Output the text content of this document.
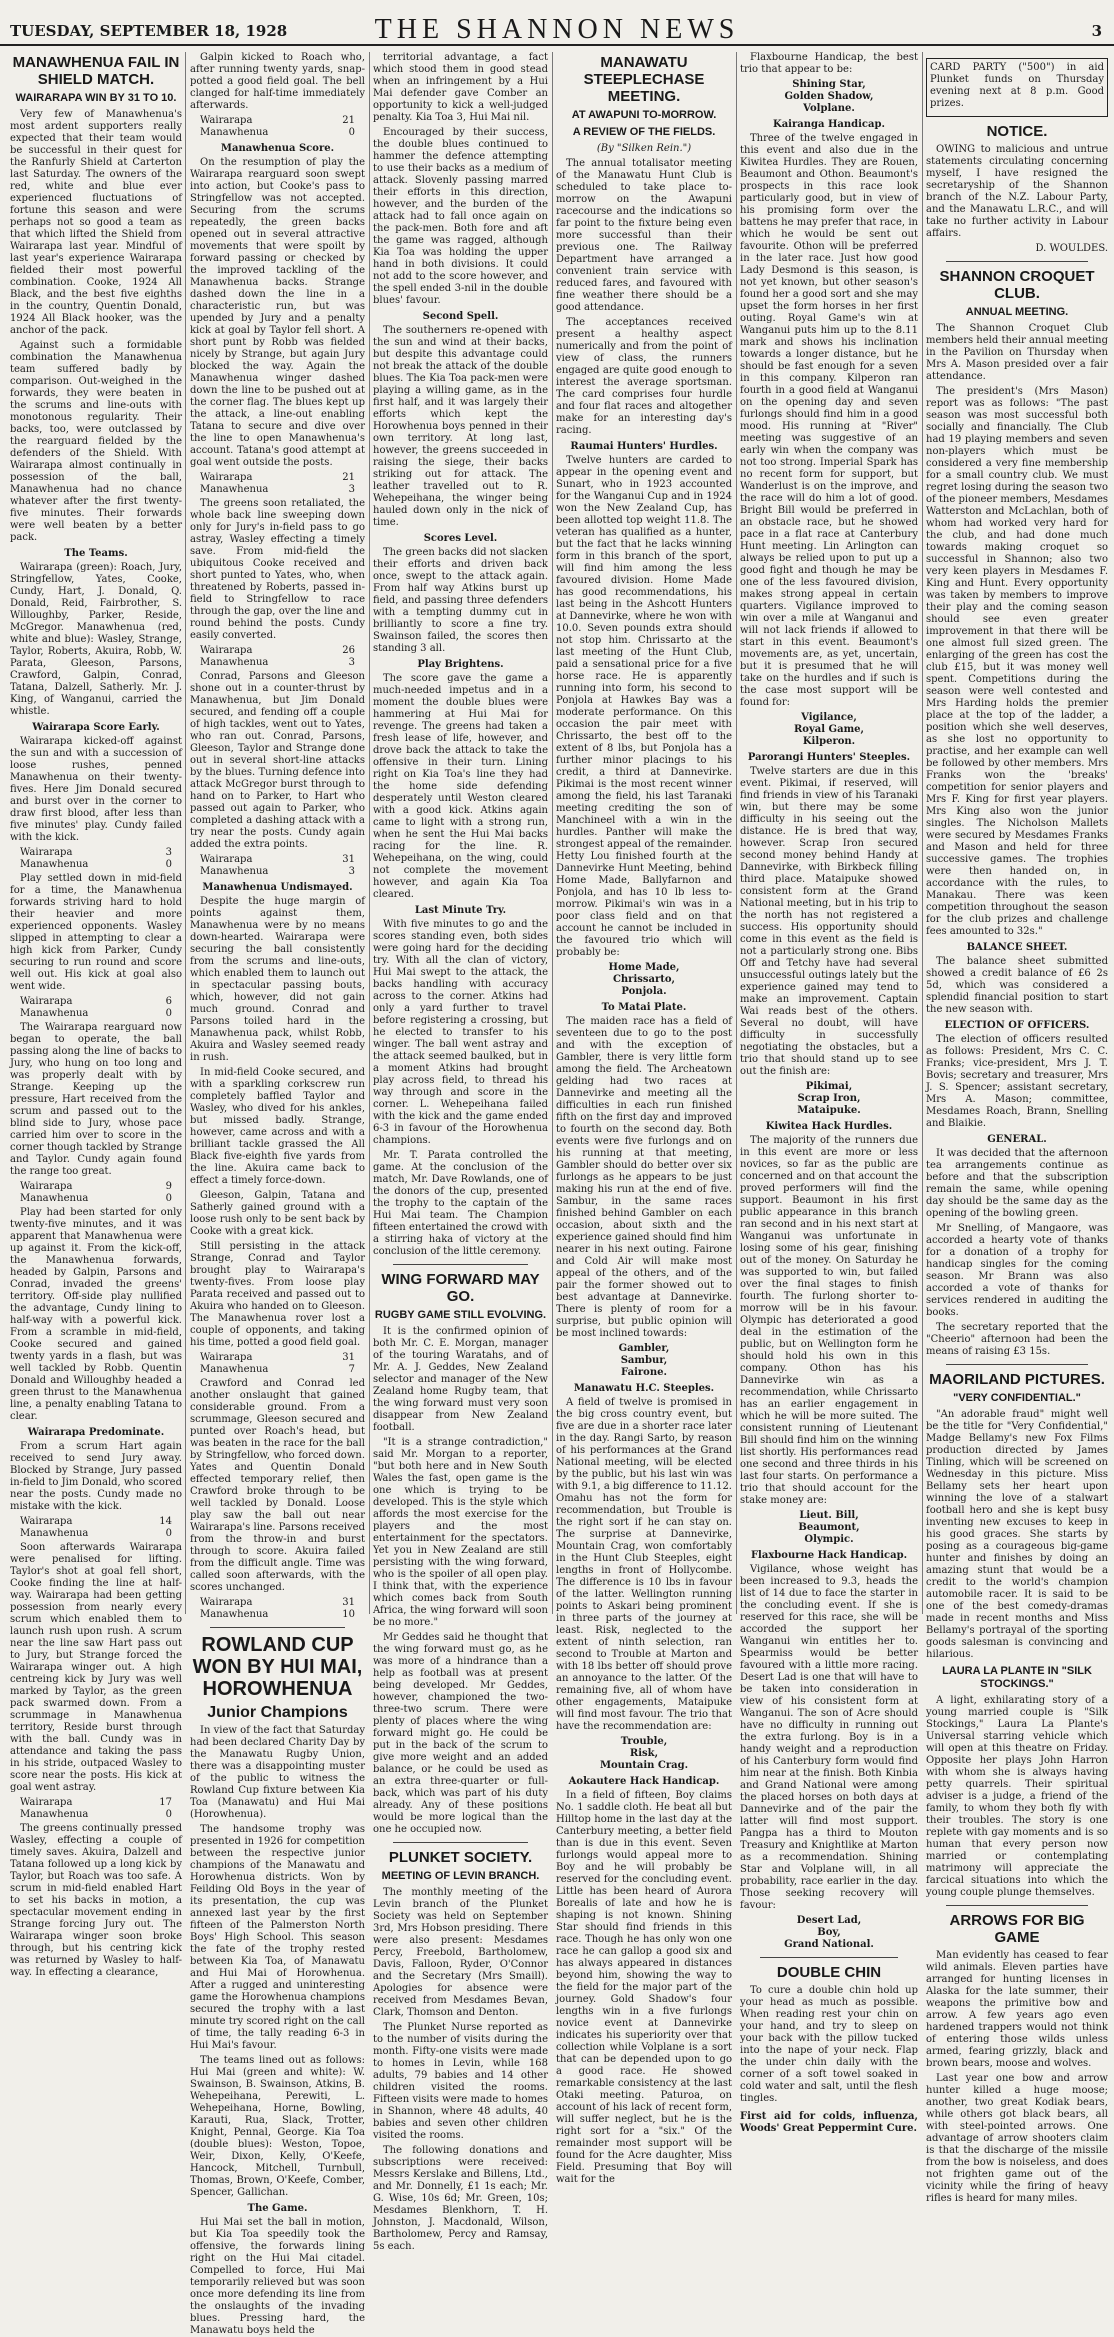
TUESDAY, SEPTEMBER 18, 1928	THE SHANNON NEWS	3
MANAWHENUA FAIL IN SHIELD MATCH.
WAIRARAPA WIN BY 31 TO 10.

Very few of Manawhenua's most ardent supporters really expected that their team would be successful in their quest for the Ranfurly Shield at Carterton last Saturday. The owners of the red, white and blue ever experienced fluctuations of fortune this season and were perhaps not so good a team as that which lifted the Shield from Wairarapa last year. Mindful of last year's experience Wairarapa fielded their most powerful combination. Cooke, 1924 All Black, and the best five eighths in the country, Quentin Donald, 1924 All Black hooker, was the anchor of the pack.

Against such a formidable combination the Manawhenua team suffered badly by comparison. Out-weighed in the forwards, they were beaten in the scrums and line-outs with monotonous regularity. Their backs, too, were outclassed by the rearguard fielded by the defenders of the Shield. With Wairarapa almost continually in possession of the ball, Manawhenua had no chance whatever after the first twenty-five minutes. Their forwards were well beaten by a better pack.

The Teams.

Wairarapa (green): Roach, Jury, Stringfellow, Yates, Cooke, Cundy, Hart, J. Donald, Q. Donald, Reid, Fairbrother, S. Willoughby, Parker, Reside, McGregor. Manawhenua (red, white and blue): Wasley, Strange, Taylor, Roberts, Akuira, Robb, W. Parata, Gleeson, Parsons, Crawford, Galpin, Conrad, Tatana, Dalzell, Satherly. Mr. J. King, of Wanganui, carried the whistle.

Wairarapa Score Early.

Wairarapa kicked-off against the sun and with a succession of loose rushes, penned Manawhenua on their twenty-fives. Here Jim Donald secured and burst over in the corner to draw first blood, after less than five minutes' play. Cundy failed with the kick.

Wairarapa	3
Manawhenua	0

Play settled down in mid-field for a time, the Manawhenua forwards striving hard to hold their heavier and more experienced opponents. Wasley slipped in attempting to clear a high kick from Parker, Cundy securing to run round and score well out. His kick at goal also went wide.

Wairarapa	6
Manawhenua	0

The Wairarapa rearguard now began to operate, the ball passing along the line of backs to Jury, who hung on too long and was properly dealt with by Strange. Keeping up the pressure, Hart received from the scrum and passed out to the blind side to Jury, whose pace carried him over to score in the corner though tackled by Strange and Taylor. Cundy again found the range too great.

Wairarapa	9
Manawhenua	0

Play had been started for only twenty-five minutes, and it was apparent that Manawhenua were up against it. From the kick-off, the Manawhenua forwards, headed by Galpin, Parsons and Conrad, invaded the greens' territory. Off-side play nullified the advantage, Cundy lining to half-way with a powerful kick. From a scramble in mid-field, Cooke secured and gained twenty yards in a flash, but was well tackled by Robb. Quentin Donald and Willoughby headed a green thrust to the Manawhenua line, a penalty enabling Tatana to clear.

Wairarapa Predominate.

From a scrum Hart again received to send Jury away. Blocked by Strange, Jury passed in-field to Jim Donald, who scored near the posts. Cundy made no mistake with the kick.

Wairarapa	14
Manawhenua	0

Soon afterwards Wairarapa were penalised for lifting. Taylor's shot at goal fell short, Cooke finding the line at half-way. Wairarapa had been getting possession from nearly every scrum which enabled them to launch rush upon rush. A scrum near the line saw Hart pass out to Jury, but Strange forced the Wairarapa winger out. A high centreing kick by Jury was well marked by Taylor, as the green pack swarmed down. From a scrummage in Manawhenua territory, Reside burst through with the ball. Cundy was in attendance and taking the pass in his stride, outpaced Wasley to score near the posts. His kick at goal went astray.

Wairarapa	17
Manawhenua	0

The greens continually pressed Wasley, effecting a couple of timely saves. Akuira, Dalzell and Tatana followed up a long kick by Taylor, but Roach was too safe. A scrum in mid-field enabled Hart to set his backs in motion, a spectacular movement ending in Strange forcing Jury out. The Wairarapa winger soon broke through, but his centring kick was returned by Wasley to half-way. In effecting a clearance,

Galpin kicked to Roach who, after running twenty yards, snap-potted a good field goal. The bell clanged for half-time immediately afterwards.

Wairarapa	21
Manawhenua	0
Manawhenua Score.

On the resumption of play the Wairarapa rearguard soon swept into action, but Cooke's pass to Stringfellow was not accepted. Securing from the scrums repeatedly, the green backs opened out in several attractive movements that were spoilt by forward passing or checked by the improved tackling of the Manawhenua backs. Strange dashed down the line in a characteristic run, but was upended by Jury and a penalty kick at goal by Taylor fell short. A short punt by Robb was fielded nicely by Strange, but again Jury blocked the way. Again the Manawhenua winger dashed down the line to be pushed out at the corner flag. The blues kept up the attack, a line-out enabling Tatana to secure and dive over the line to open Manawhenua's account. Tatana's good attempt at goal went outside the posts.

Wairarapa	21
Manawhenua	3

The greens soon retaliated, the whole back line sweeping down only for Jury's in-field pass to go astray, Wasley effecting a timely save. From mid-field the ubiquitous Cooke received and short punted to Yates, who, when threatened by Roberts, passed in-field to Stringfellow to race through the gap, over the line and round behind the posts. Cundy easily converted.

Wairarapa	26
Manawhenua	3

Conrad, Parsons and Gleeson shone out in a counter-thrust by Manawhenua, but Jim Donald secured, and fending off a couple of high tackles, went out to Yates, who ran out. Conrad, Parsons, Gleeson, Taylor and Strange done out in several short-line attacks by the blues. Turning defence into attack McGregor burst through to hand on to Parker, to Hart who passed out again to Parker, who completed a dashing attack with a try near the posts. Cundy again added the extra points.

Wairarapa	31
Manawhenua	3
Manawhenua Undismayed.

Despite the huge margin of points against them, Manawhenua were by no means down-hearted. Wairarapa were securing the ball consistently from the scrums and line-outs, which enabled them to launch out in spectacular passing bouts, which, however, did not gain much ground. Conrad and Parsons toiled hard in the Manawhenua pack, whilst Robb, Akuira and Wasley seemed ready in rush.

In mid-field Cooke secured, and with a sparkling corkscrew run completely baffled Taylor and Wasley, who dived for his ankles, but missed badly. Strange, however, came across and with a brilliant tackle grassed the All Black five-eighth five yards from the line. Akuira came back to effect a timely force-down.

Gleeson, Galpin, Tatana and Satherly gained ground with a loose rush only to be sent back by Cooke with a great kick.

Still persisting in the attack Strange, Conrad and Taylor brought play to Wairarapa's twenty-fives. From loose play Parata received and passed out to Akuira who handed on to Gleeson. The Manawhenua rover lost a couple of opponents, and taking his time, potted a good field goal.

Wairarapa	31
Manawhenua	7

Crawford and Conrad led another onslaught that gained considerable ground. From a scrummage, Gleeson secured and punted over Roach's head, but was beaten in the race for the ball by Stringfellow, who forced down. Yates and Quentin Donald effected temporary relief, then Crawford broke through to be well tackled by Donald. Loose play saw the ball out near Wairarapa's line. Parsons received from the throw-in and burst through to score. Akuira failed from the difficult angle. Time was called soon afterwards, with the scores unchanged.

Wairarapa	31
Manawhenua	10
ROWLAND CUP WON BY HUI MAI, HOROWHENUA
Junior Champions

In view of the fact that Saturday had been declared Charity Day by the Manawatu Rugby Union, there was a disappointing muster of the public to witness the Rowland Cup fixture between Kia Toa (Manawatu) and Hui Mai (Horowhenua).

The handsome trophy was presented in 1926 for competition between the respective junior champions of the Manawatu and Horowhenua districts. Won by Feilding Old Boys in the year of its presentation, the cup was annexed last year by the first fifteen of the Palmerston North Boys' High School. This season the fate of the trophy rested between Kia Toa, of Manawatu and Hui Mai of Horowhenua. After a rugged and uninteresting game the Horowhenua champions secured the trophy with a last minute try scored right on the call of time, the tally reading 6-3 in Hui Mai's favour.

The teams lined out as follows: Hui Mai (green and white): W. Swainson, B. Swainson, Atkins, B. Wehepeihana, Perewiti, L. Wehepeihana, Horne, Bowling, Karauti, Rua, Slack, Trotter, Knight, Pennal, George. Kia Toa (double blues): Weston, Topoe, Weir, Dixon, Kelly, O'Keefe, Hancock, Mitchell, Turnbull, Thomas, Brown, O'Keefe, Comber, Spencer, Gallichan.

The Game.

Hui Mai set the ball in motion, but Kia Toa speedily took the offensive, the forwards lining right on the Hui Mai citadel. Compelled to force, Hui Mai temporarily relieved but was soon once more defending its line from the onslaughts of the invading blues. Pressing hard, the Manawatu boys held the

territorial advantage, a fact which stood them in good stead when an infringement by a Hui Mai defender gave Comber an opportunity to kick a well-judged penalty. Kia Toa 3, Hui Mai nil.

Encouraged by their success, the double blues continued to hammer the defence attempting to use their backs as a medium of attack. Slovenly passing marred their efforts in this direction, however, and the burden of the attack had to fall once again on the pack-men. Both fore and aft the game was ragged, although Kia Toa was holding the upper hand in both divisions. It could not add to the score however, and the spell ended 3-nil in the double blues' favour.

Second Spell.

The southerners re-opened with the sun and wind at their backs, but despite this advantage could not break the attack of the double blues. The Kia Toa pack-men were playing a willing game, as in the first half, and it was largely their efforts which kept the Horowhenua boys penned in their own territory. At long last, however, the greens succeeded in raising the siege, their backs striking out for attack. The leather travelled out to R. Wehepeihana, the winger being hauled down only in the nick of time.

Scores Level.

The green backs did not slacken their efforts and driven back once, swept to the attack again. From half way Atkins burst up field, and passing three defenders with a tempting dummy cut in brilliantly to score a fine try. Swainson failed, the scores then standing 3 all.

Play Brightens.

The score gave the game a much-needed impetus and in a moment the double blues were hammering at Hui Mai for revenge. The greens had taken a fresh lease of life, however, and drove back the attack to take the offensive in their turn. Lining right on Kia Toa's line they had the home side defending desperately until Weston cleared with a good kick. Atkins again came to light with a strong run, when he sent the Hui Mai backs racing for the line. R. Wehepeihana, on the wing, could not complete the movement however, and again Kia Toa cleared.

Last Minute Try.

With five minutes to go and the scores standing even, both sides were going hard for the deciding try. With all the clan of victory, Hui Mai swept to the attack, the backs handling with accuracy across to the corner. Atkins had only a yard further to travel before registering a crossing, but he elected to transfer to his winger. The ball went astray and the attack seemed baulked, but in a moment Atkins had brought play across field, to thread his way through and score in the corner. L. Wehepeihana failed with the kick and the game ended 6-3 in favour of the Horowhenua champions.

Mr. T. Parata controlled the game. At the conclusion of the match, Mr. Dave Rowlands, one of the donors of the cup, presented the trophy to the captain of the Hui Mai team. The Champion fifteen entertained the crowd with a stirring haka of victory at the conclusion of the little ceremony.

WING FORWARD MAY GO.
RUGBY GAME STILL EVOLVING.

It is the confirmed opinion of both Mr. C. E. Morgan, manager of the touring Waratahs, and of Mr. A. J. Geddes, New Zealand selector and manager of the New Zealand home Rugby team, that the wing forward must very soon disappear from New Zealand football.

"It is a strange contradiction," said Mr. Morgan to a reporter, "but both here and in New South Wales the fast, open game is the one which is trying to be developed. This is the style which affords the most exercise for the players and the most entertainment for the spectators. Yet you in New Zealand are still persisting with the wing forward, who is the spoiler of all open play. I think that, with the experience which comes back from South Africa, the wing forward will soon be no more."

Mr Geddes said he thought that the wing forward must go, as he was more of a hindrance than a help as football was at present being developed. Mr Geddes, however, championed the two-three-two scrum. There were plenty of places where the wing forward might go. He could be put in the back of the scrum to give more weight and an added balance, or he could be used as an extra three-quarter or full-back, which was part of his duty already. Any of these positions would be more logical than the one he occupied now.

PLUNKET SOCIETY.
MEETING OF LEVIN BRANCH.

The monthly meeting of the Levin branch of the Plunket Society was held on September 3rd, Mrs Hobson presiding. There were also present: Mesdames Percy, Freebold, Bartholomew, Davis, Falloon, Ryder, O'Connor and the Secretary (Mrs Smaill). Apologies for absence were received from Mesdames Bevan, Clark, Thomson and Denton.

The Plunket Nurse reported as to the number of visits during the month. Fifty-one visits were made to homes in Levin, while 168 adults, 79 babies and 14 other children visited the rooms. Fifteen visits were made to homes in Shannon, where 48 adults, 40 babies and seven other children visited the rooms.

The following donations and subscriptions were received: Messrs Kerslake and Billens, Ltd., and Mr. Donnelly, £1 1s each; Mr. G. Wise, 10s 6d; Mr. Green, 10s; Mesdames Blenkhorn, T. H. Johnston, J. Macdonald, Wilson, Bartholomew, Percy and Ramsay, 5s each.

MANAWATU STEEPLECHASE MEETING.
AT AWAPUNI TO-MORROW.
A REVIEW OF THE FIELDS.
(By "Silken Rein.")

The annual totalisator meeting of the Manawatu Hunt Club is scheduled to take place to-morrow on the Awapuni racecourse and the indications so far point to the fixture being even more successful than their previous one. The Railway Department have arranged a convenient train service with reduced fares, and favoured with fine weather there should be a good attendance.

The acceptances received present a healthy aspect numerically and from the point of view of class, the runners engaged are quite good enough to interest the average sportsman. The card comprises four hurdle and four flat races and altogether make for an interesting day's racing.

Raumai Hunters' Hurdles.

Twelve hunters are carded to appear in the opening event and Sunart, who in 1923 accounted for the Wanganui Cup and in 1924 won the New Zealand Cup, has been allotted top weight 11.8. The veteran has qualified as a hunter, but the fact that he lacks winning form in this branch of the sport, will find him among the less favoured division. Home Made has good recommendations, his last being in the Ashcott Hunters at Dannevirke, where he won with 10.0. Seven pounds extra should not stop him. Chrissarto at the last meeting of the Hunt Club, paid a sensational price for a five horse race. He is apparently running into form, his second to Ponjola at Hawkes Bay was a moderate performance. On this occasion the pair meet with Chrissarto, the best off to the extent of 8 lbs, but Ponjola has a further minor placings to his credit, a third at Dannevirke. Pikimai is the most recent winner among the field, his last Taranaki meeting crediting the son of Manchineel with a win in the hurdles. Panther will make the strongest appeal of the remainder. Hetty Lou finished fourth at the Dannevirke Hunt Meeting, behind Home Made, Ballyfarnon and Ponjola, and has 10 lb less to-morrow. Pikimai's win was in a poor class field and on that account he cannot be included in the favoured trio which will probably be:

Home Made,
Chrissarto,
Ponjola.
To Matai Plate.

The maiden race has a field of seventeen due to go to the post and with the exception of Gambler, there is very little form among the field. The Archeatown gelding had two races at Dannevirke and meeting all the difficulties in each run finished fifth on the first day and improved to fourth on the second day. Both events were five furlongs and on his running at that meeting, Gambler should do better over six furlongs as he appears to be just making his run at the end of five. Sambur, in the same races finished behind Gambler on each occasion, about sixth and the experience gained should find him nearer in his next outing. Fairone and Cold Air will make most appeal of the others, and of the pair the former showed out to best advantage at Dannevirke. There is plenty of room for a surprise, but public opinion will be most inclined towards:

Gambler,
Sambur,
Fairone.
Manawatu H.C. Steeples.

A field of twelve is promised in the big cross country event, but five are due in a shorter race later in the day. Rangi Sarto, by reason of his performances at the Grand National meeting, will be elected by the public, but his last win was with 9.1, a big difference to 11.12. Omahu has not the form for recommendation, but Trouble is the right sort if he can stay on. The surprise at Dannevirke, Mountain Crag, won comfortably in the Hunt Club Steeples, eight lengths in front of Hollycombe. The difference is 10 lbs in favour of the latter. Wellington running points to Askari being prominent in three parts of the journey at least. Risk, neglected to the extent of ninth selection, ran second to Trouble at Marton and with 18 lbs better off should prove an annoyance to the latter. Of the remaining five, all of whom have other engagements, Mataipuke will find most favour. The trio that have the recommendation are:

Trouble,
Risk,
Mountain Crag.
Aokautere Hack Handicap.

In a field of fifteen, Boy claims No. 1 saddle cloth. He beat all but Hilltop home in the last day at the Canterbury meeting, a better field than is due in this event. Seven furlongs would appeal more to Boy and he will probably be reserved for the concluding event. Little has been heard of Aurora Borealis of late and how he is shaping is not known. Shining Star should find friends in this race. Though he has only won one race he can gallop a good six and has always appeared in distances beyond him, showing the way to the field for the major part of the journey. Gold Shadow's four lengths win in a five furlongs novice event at Dannevirke indicates his superiority over that collection while Volplane is a sort that can be depended upon to go a good race. He showed remarkable consistency at the last Otaki meeting. Paturoa, on account of his lack of recent form, will suffer neglect, but he is the right sort for a "six." Of the remainder most support will be found for the Acre daughter, Miss Field. Presuming that Boy will wait for the

Flaxbourne Handicap, the best trio that appear to be:

Shining Star,
Golden Shadow,
Volplane.
Kairanga Handicap.

Three of the twelve engaged in this event and also due in the Kiwitea Hurdles. They are Rouen, Beaumont and Othon. Beaumont's prospects in this race look particularly good, but in view of his promising form over the battens he may prefer that race, in which he would be sent out favourite. Othon will be preferred in the later race. Just how good Lady Desmond is this season, is not yet known, but other season's found her a good sort and she may upset the form horses in her first outing. Royal Game's win at Wanganui puts him up to the 8.11 mark and shows his inclination towards a longer distance, but he should be fast enough for a seven in this company. Kilperon ran fourth in a good field at Wanganui on the opening day and seven furlongs should find him in a good mood. His running at "River" meeting was suggestive of an early win when the company was not too strong. Imperial Spark has no recent form for support, but Wanderlust is on the improve, and the race will do him a lot of good. Bright Bill would be preferred in an obstacle race, but he showed pace in a flat race at Canterbury Hunt meeting. Lin Arlington can always be relied upon to put up a good fight and though he may be one of the less favoured division, makes strong appeal in certain quarters. Vigilance improved to win over a mile at Wanganui and will not lack friends if allowed to start in this event. Beaumont's movements are, as yet, uncertain, but it is presumed that he will take on the hurdles and if such is the case most support will be found for:

Vigilance,
Royal Game,
Kilperon.
Parorangi Hunters' Steeples.

Twelve starters are due in this event. Pikimai, if reserved, will find friends in view of his Taranaki win, but there may be some difficulty in his seeing out the distance. He is bred that way, however. Scrap Iron secured second money behind Handy at Dannevirke, with Birkbeck filling third place. Mataipuke showed consistent form at the Grand National meeting, but in his trip to the north has not registered a success. His opportunity should come in this event as the field is not a particularly strong one. Bibs Off and Tetchy have had several unsuccessful outings lately but the experience gained may tend to make an improvement. Captain Wai reads best of the others. Several no doubt, will have difficulty in successfully negotiating the obstacles, but a trio that should stand up to see out the finish are:

Pikimai,
Scrap Iron,
Mataipuke.
Kiwitea Hack Hurdles.

The majority of the runners due in this event are more or less novices, so far as the public are concerned and on that account the proved performers will find the support. Beaumont in his first public appearance in this branch ran second and in his next start at Wanganui was unfortunate in losing some of his gear, finishing out of the money. On Saturday he was supported to win, but failed over the final stages to finish fourth. The furlong shorter to-morrow will be in his favour. Olympic has deteriorated a good deal in the estimation of the public, but on Wellington form he should hold his own in this company. Othon has his Dannevirke win as a recommendation, while Chrissarto has an earlier engagement in which he will be more suited. The consistent running of Lieutenant Bill should find him on the winning list shortly. His performances read one second and three thirds in his last four starts. On performance a trio that should account for the stake money are:

Lieut. Bill,
Beaumont,
Olympic.
Flaxbourne Hack Handicap.

Vigilance, whose weight has been increased to 9.3, heads the list of 14 due to face the starter in the concluding event. If she is reserved for this race, she will be accorded the support her Wanganui win entitles her to. Spearmiss would be better favoured with a little more racing. Desert Lad is one that will have to be taken into consideration in view of his consistent form at Wanganui. The son of Acre should have no difficulty in running out the extra furlong. Boy is in a handy weight and a reproduction of his Canterbury form would find him near at the finish. Both Kinbia and Grand National were among the placed horses on both days at Dannevirke and of the pair the latter will find most support. Pangpa has a third to Mouton Treasury and Knightlike at Marton as a recommendation. Shining Star and Volplane will, in all probability, race earlier in the day. Those seeking recovery will favour:

Desert Lad,
Boy,
Grand National.
DOUBLE CHIN

To cure a double chin hold up your head as much as possible. When reading rest your chin on your hand, and try to sleep on your back with the pillow tucked into the nape of your neck. Flap the under chin daily with the corner of a soft towel soaked in cold water and salt, until the flesh tingles.

First aid for colds, influenza, Woods' Great Peppermint Cure.

CARD PARTY ("500") in aid Plunket funds on Thursday evening next at 8 p.m. Good prizes.

NOTICE.

OWING to malicious and untrue statements circulating concerning myself, I have resigned the secretaryship of the Shannon branch of the N.Z. Labour Party, and the Manawatu L.R.C., and will take no further activity in Labour affairs.

D. WOULDES.

SHANNON CROQUET CLUB.
ANNUAL MEETING.

The Shannon Croquet Club members held their annual meeting in the Pavilion on Thursday when Mrs A. Mason presided over a fair attendance.

The president's (Mrs Mason) report was as follows: "The past season was most successful both socially and financially. The Club had 19 playing members and seven non-players which must be considered a very fine membership for a small country club. We must regret losing during the season two of the pioneer members, Mesdames Watterston and McLachlan, both of whom had worked very hard for the club, and had done much towards making croquet so successful in Shannon; also two very keen players in Mesdames F. King and Hunt. Every opportunity was taken by members to improve their play and the coming season should see even greater improvement in that there will be one almost full sized green. The enlarging of the green has cost the club £15, but it was money well spent. Competitions during the season were well contested and Mrs Harding holds the premier place at the top of the ladder, a position which she well deserves, as she lost no opportunity to practise, and her example can well be followed by other members. Mrs Franks won the 'breaks' competition for senior players and Mrs F. King for first year players. Mrs King also won the junior singles. The Nicholson Mallets were secured by Mesdames Franks and Mason and held for three successive games. The trophies were then handed on, in accordance with the rules, to Manakau. There was keen competition throughout the season for the club prizes and challenge fees amounted to 32s."

BALANCE SHEET.

The balance sheet submitted showed a credit balance of £6 2s 5d, which was considered a splendid financial position to start the new season with.

ELECTION OF OFFICERS.

The election of officers resulted as follows: President, Mrs C. C. Franks; vice-president, Mrs J. T. Bovis; secretary and treasurer, Mrs J. S. Spencer; assistant secretary, Mrs A. Mason; committee, Mesdames Roach, Brann, Snelling and Blaikie.

GENERAL.

It was decided that the afternoon tea arrangements continue as before and that the subscription remain the same, while opening day should be the same day as the opening of the bowling green.

Mr Snelling, of Mangaore, was accorded a hearty vote of thanks for a donation of a trophy for handicap singles for the coming season. Mr Brann was also accorded a vote of thanks for services rendered in auditing the books.

The secretary reported that the "Cheerio" afternoon had been the means of raising £3 15s.

MAORILAND PICTURES.
"VERY CONFIDENTIAL."

"An adorable fraud" might well be the title for "Very Confidential," Madge Bellamy's new Fox Films production directed by James Tinling, which will be screened on Wednesday in this picture. Miss Bellamy sets her heart upon winning the love of a stalwart football hero and she is kept busy inventing new excuses to keep in his good graces. She starts by posing as a courageous big-game hunter and finishes by doing an amazing stunt that would be a credit to the world's champion automobile racer. It is said to be one of the best comedy-dramas made in recent months and Miss Bellamy's portrayal of the sporting goods salesman is convincing and hilarious.

LAURA LA PLANTE IN "SILK STOCKINGS."

A light, exhilarating story of a young married couple is "Silk Stockings," Laura La Plante's Universal starring vehicle which will open at this theatre on Friday. Opposite her plays John Harron with whom she is always having petty quarrels. Their spiritual adviser is a judge, a friend of the family, to whom they both fly with their troubles. The story is one replete with gay moments and is so human that every person now married or contemplating matrimony will appreciate the farcical situations into which the young couple plunge themselves.

ARROWS FOR BIG GAME

Man evidently has ceased to fear wild animals. Eleven parties have arranged for hunting licenses in Alaska for the late summer, their weapons the primitive bow and arrow. A few years ago even hardened trappers would not think of entering those wilds unless armed, fearing grizzly, black and brown bears, moose and wolves.

Last year one bow and arrow hunter killed a huge moose; another, two great Kodiak bears, while others got black bears, all with steel-pointed arrows. One advantage of arrow shooters claim is that the discharge of the missile from the bow is noiseless, and does not frighten game out of the vicinity while the firing of heavy rifles is heard for many miles.
